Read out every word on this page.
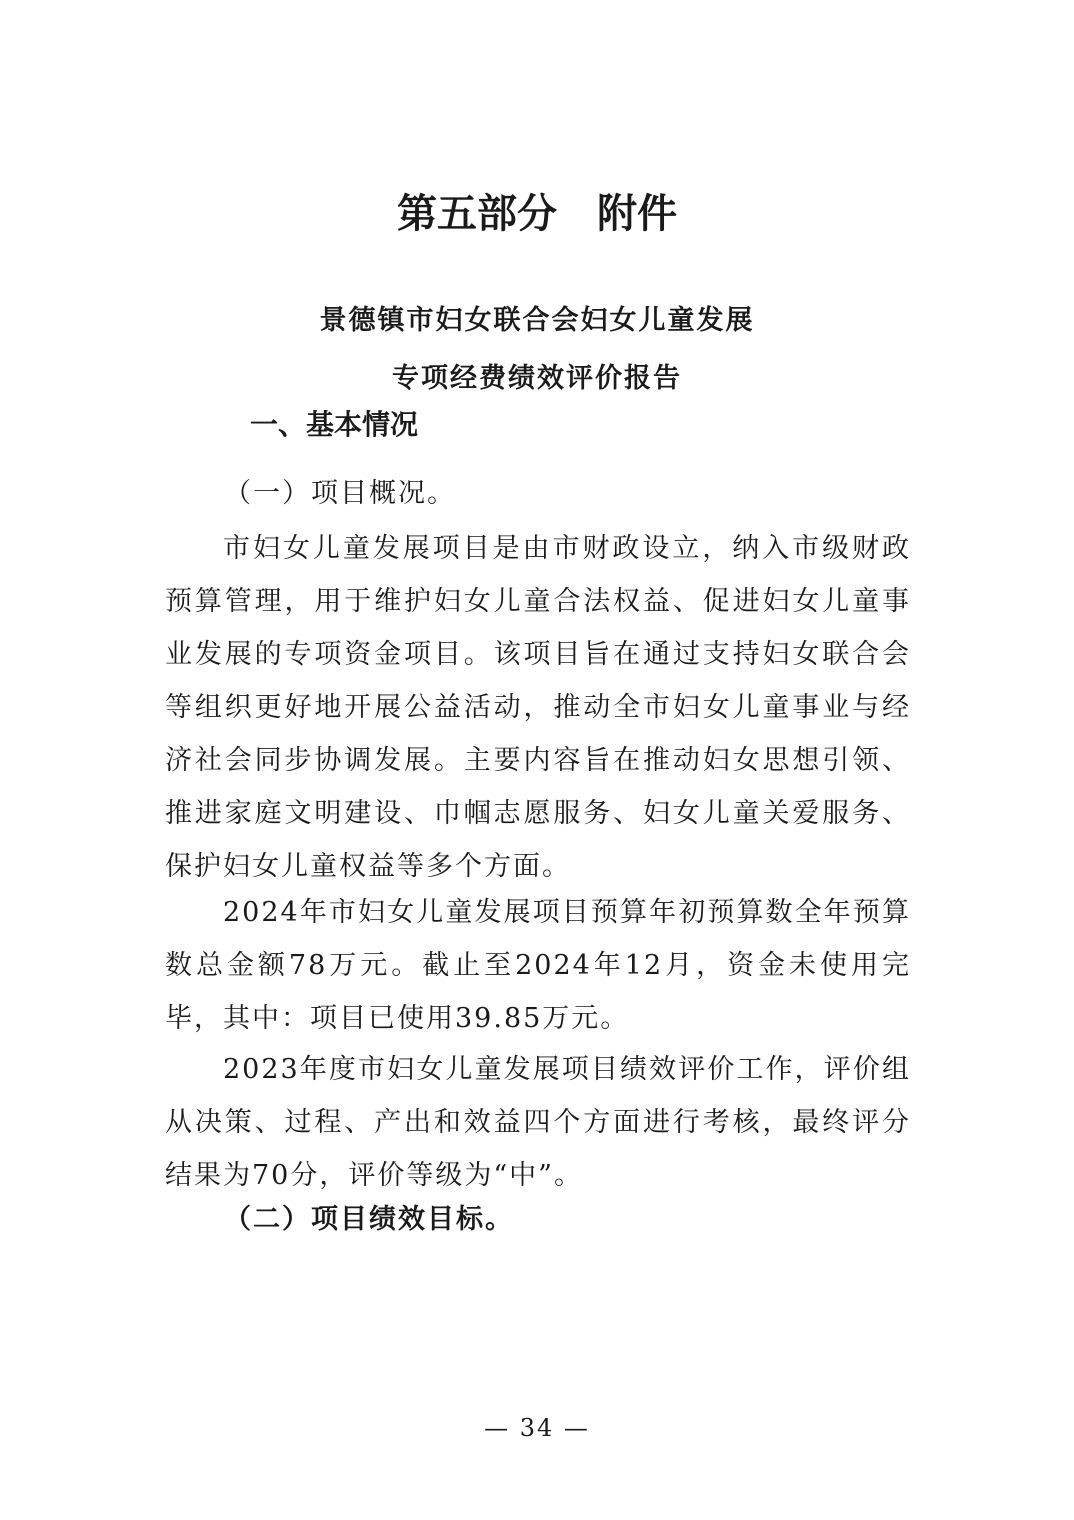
第五部分　附件
景德镇市妇女联合会妇女儿童发展
专项经费绩效评价报告
一、基本情况

（一）项目概况。

市妇女儿童发展项目是由市财政设立，纳入市级财政预算管理，用于维护妇女儿童合法权益、促进妇女儿童事业发展的专项资金项目。该项目旨在通过支持妇女联合会等组织更好地开展公益活动，推动全市妇女儿童事业与经济社会同步协调发展。主要内容旨在推动妇女思想引领、推进家庭文明建设、巾帼志愿服务、妇女儿童关爱服务、保护妇女儿童权益等多个方面。

2024年市妇女儿童发展项目预算年初预算数全年预算数总金额78万元。截止至2024年12月，资金未使用完毕，其中：项目已使用39.85万元。

2023年度市妇女儿童发展项目绩效评价工作，评价组从决策、过程、产出和效益四个方面进行考核，最终评分结果为70分，评价等级为“中”。

（二）项目绩效目标。

— 34 —
